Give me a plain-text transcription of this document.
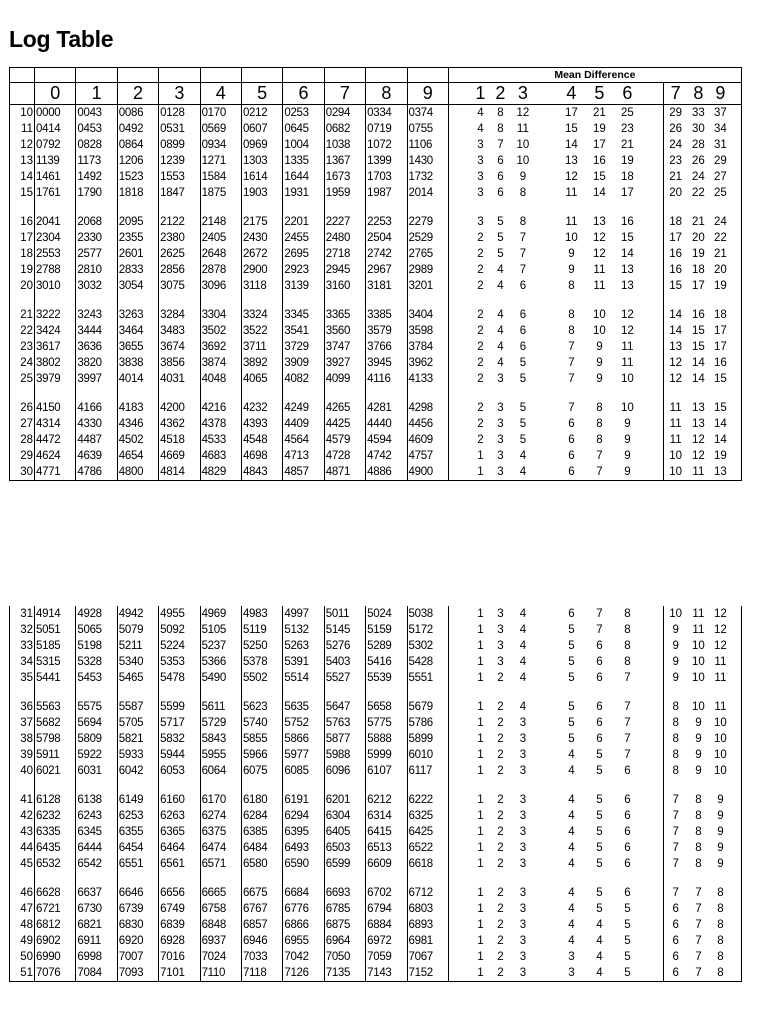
Log Table
											Mean Difference												
	0	1	2	3	4	5	6	7	8	9		1	2	3		4	5	6		7	8	9	
10	0000	0043	0086	0128	0170	0212	0253	0294	0334	0374		4	8	12		17	21	25		29	33	37	
11	0414	0453	0492	0531	0569	0607	0645	0682	0719	0755		4	8	11		15	19	23		26	30	34	
12	0792	0828	0864	0899	0934	0969	1004	1038	1072	1106		3	7	10		14	17	21		24	28	31	
13	1139	1173	1206	1239	1271	1303	1335	1367	1399	1430		3	6	10		13	16	19		23	26	29	
14	1461	1492	1523	1553	1584	1614	1644	1673	1703	1732		3	6	9		12	15	18		21	24	27	
15	1761	1790	1818	1847	1875	1903	1931	1959	1987	2014		3	6	8		11	14	17		20	22	25	

16	2041	2068	2095	2122	2148	2175	2201	2227	2253	2279		3	5	8		11	13	16		18	21	24	
17	2304	2330	2355	2380	2405	2430	2455	2480	2504	2529		2	5	7		10	12	15		17	20	22	
18	2553	2577	2601	2625	2648	2672	2695	2718	2742	2765		2	5	7		9	12	14		16	19	21	
19	2788	2810	2833	2856	2878	2900	2923	2945	2967	2989		2	4	7		9	11	13		16	18	20	
20	3010	3032	3054	3075	3096	3118	3139	3160	3181	3201		2	4	6		8	11	13		15	17	19	

21	3222	3243	3263	3284	3304	3324	3345	3365	3385	3404		2	4	6		8	10	12		14	16	18	
22	3424	3444	3464	3483	3502	3522	3541	3560	3579	3598		2	4	6		8	10	12		14	15	17	
23	3617	3636	3655	3674	3692	3711	3729	3747	3766	3784		2	4	6		7	9	11		13	15	17	
24	3802	3820	3838	3856	3874	3892	3909	3927	3945	3962		2	4	5		7	9	11		12	14	16	
25	3979	3997	4014	4031	4048	4065	4082	4099	4116	4133		2	3	5		7	9	10		12	14	15	

26	4150	4166	4183	4200	4216	4232	4249	4265	4281	4298		2	3	5		7	8	10		11	13	15	
27	4314	4330	4346	4362	4378	4393	4409	4425	4440	4456		2	3	5		6	8	9		11	13	14	
28	4472	4487	4502	4518	4533	4548	4564	4579	4594	4609		2	3	5		6	8	9		11	12	14	
29	4624	4639	4654	4669	4683	4698	4713	4728	4742	4757		1	3	4		6	7	9		10	12	19	
30	4771	4786	4800	4814	4829	4843	4857	4871	4886	4900		1	3	4		6	7	9		10	11	13	
31	4914	4928	4942	4955	4969	4983	4997	5011	5024	5038		1	3	4		6	7	8		10	11	12	
32	5051	5065	5079	5092	5105	5119	5132	5145	5159	5172		1	3	4		5	7	8		9	11	12	
33	5185	5198	5211	5224	5237	5250	5263	5276	5289	5302		1	3	4		5	6	8		9	10	12	
34	5315	5328	5340	5353	5366	5378	5391	5403	5416	5428		1	3	4		5	6	8		9	10	11	
35	5441	5453	5465	5478	5490	5502	5514	5527	5539	5551		1	2	4		5	6	7		9	10	11	

36	5563	5575	5587	5599	5611	5623	5635	5647	5658	5679		1	2	4		5	6	7		8	10	11	
37	5682	5694	5705	5717	5729	5740	5752	5763	5775	5786		1	2	3		5	6	7		8	9	10	
38	5798	5809	5821	5832	5843	5855	5866	5877	5888	5899		1	2	3		5	6	7		8	9	10	
39	5911	5922	5933	5944	5955	5966	5977	5988	5999	6010		1	2	3		4	5	7		8	9	10	
40	6021	6031	6042	6053	6064	6075	6085	6096	6107	6117		1	2	3		4	5	6		8	9	10	

41	6128	6138	6149	6160	6170	6180	6191	6201	6212	6222		1	2	3		4	5	6		7	8	9	
42	6232	6243	6253	6263	6274	6284	6294	6304	6314	6325		1	2	3		4	5	6		7	8	9	
43	6335	6345	6355	6365	6375	6385	6395	6405	6415	6425		1	2	3		4	5	6		7	8	9	
44	6435	6444	6454	6464	6474	6484	6493	6503	6513	6522		1	2	3		4	5	6		7	8	9	
45	6532	6542	6551	6561	6571	6580	6590	6599	6609	6618		1	2	3		4	5	6		7	8	9	

46	6628	6637	6646	6656	6665	6675	6684	6693	6702	6712		1	2	3		4	5	6		7	7	8	
47	6721	6730	6739	6749	6758	6767	6776	6785	6794	6803		1	2	3		4	5	5		6	7	8	
48	6812	6821	6830	6839	6848	6857	6866	6875	6884	6893		1	2	3		4	4	5		6	7	8	
49	6902	6911	6920	6928	6937	6946	6955	6964	6972	6981		1	2	3		4	4	5		6	7	8	
50	6990	6998	7007	7016	7024	7033	7042	7050	7059	7067		1	2	3		3	4	5		6	7	8	
51	7076	7084	7093	7101	7110	7118	7126	7135	7143	7152		1	2	3		3	4	5		6	7	8	
